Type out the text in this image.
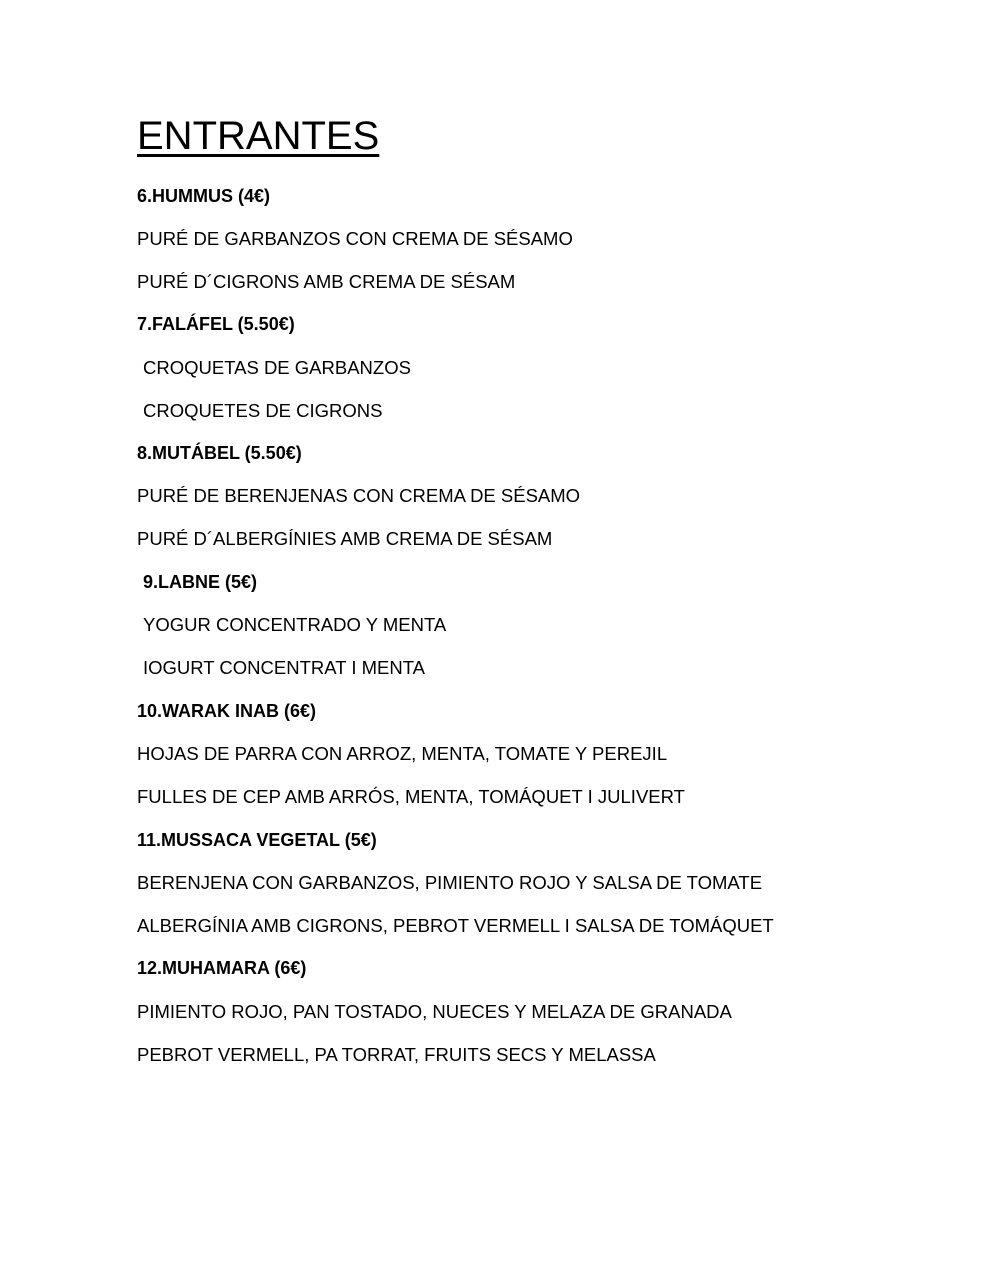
ENTRANTES

6.HUMMUS (4€)

PURÉ DE GARBANZOS CON CREMA DE SÉSAMO

PURÉ D´CIGRONS AMB CREMA DE SÉSAM

7.FALÁFEL (5.50€)

CROQUETAS DE GARBANZOS

CROQUETES DE CIGRONS

8.MUTÁBEL (5.50€)

PURÉ DE BERENJENAS CON CREMA DE SÉSAMO

PURÉ D´ALBERGÍNIES AMB CREMA DE SÉSAM

9.LABNE (5€)

YOGUR CONCENTRADO Y MENTA

IOGURT CONCENTRAT I MENTA

10.WARAK INAB (6€)

HOJAS DE PARRA CON ARROZ, MENTA, TOMATE Y PEREJIL

FULLES DE CEP AMB ARRÓS, MENTA, TOMÁQUET I JULIVERT

11.MUSSACA VEGETAL (5€)

BERENJENA CON GARBANZOS, PIMIENTO ROJO Y SALSA DE TOMATE

ALBERGÍNIA AMB CIGRONS, PEBROT VERMELL I SALSA DE TOMÁQUET

12.MUHAMARA (6€)

PIMIENTO ROJO, PAN TOSTADO, NUECES Y MELAZA DE GRANADA

PEBROT VERMELL, PA TORRAT, FRUITS SECS Y MELASSA
